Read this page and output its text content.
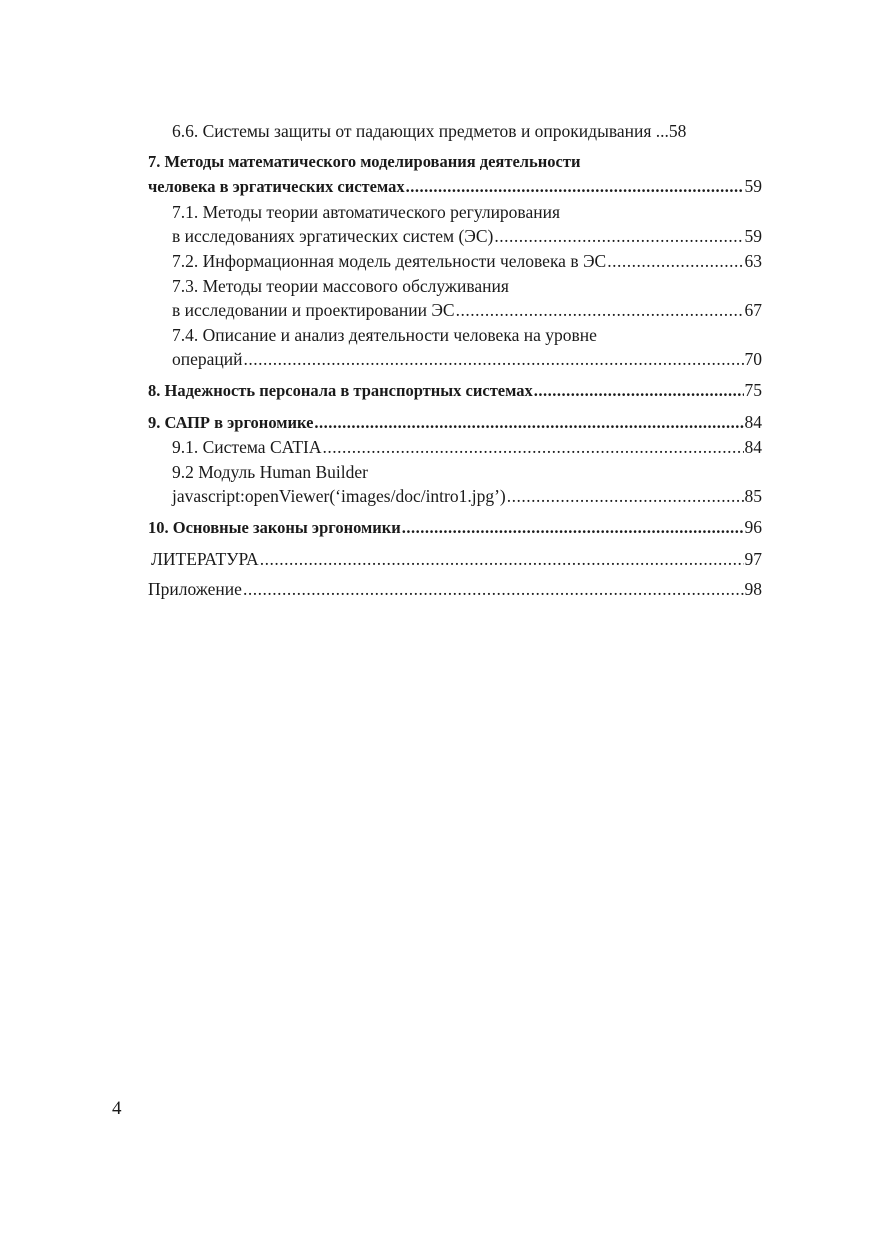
6.6. Системы защиты от падающих предметов и опрокидывания ... 58
7. Методы математического моделирования деятельности
человека в эргатических системах .....	59
7.1. Методы теории автоматического регулирования
в исследованиях эргатических систем (ЭС) .....	59
7.2. Информационная модель деятельности человека в ЭС .....	63
7.3. Методы теории массового обслуживания
в исследовании и проектировании ЭС .....	67
7.4. Описание и анализ деятельности человека на уровне
операций .....	70
8. Надежность персонала в транспортных системах .....	75
9. САПР в эргономике .....	84
9.1. Система CATIA .....	84
9.2 Модуль Human Builder
javascript:openViewer(‘images/doc/intro1.jpg’) .....	85
10. Основные законы эргономики .....	96
ЛИТЕРАТУРА .....	97
Приложение .....	98
4
